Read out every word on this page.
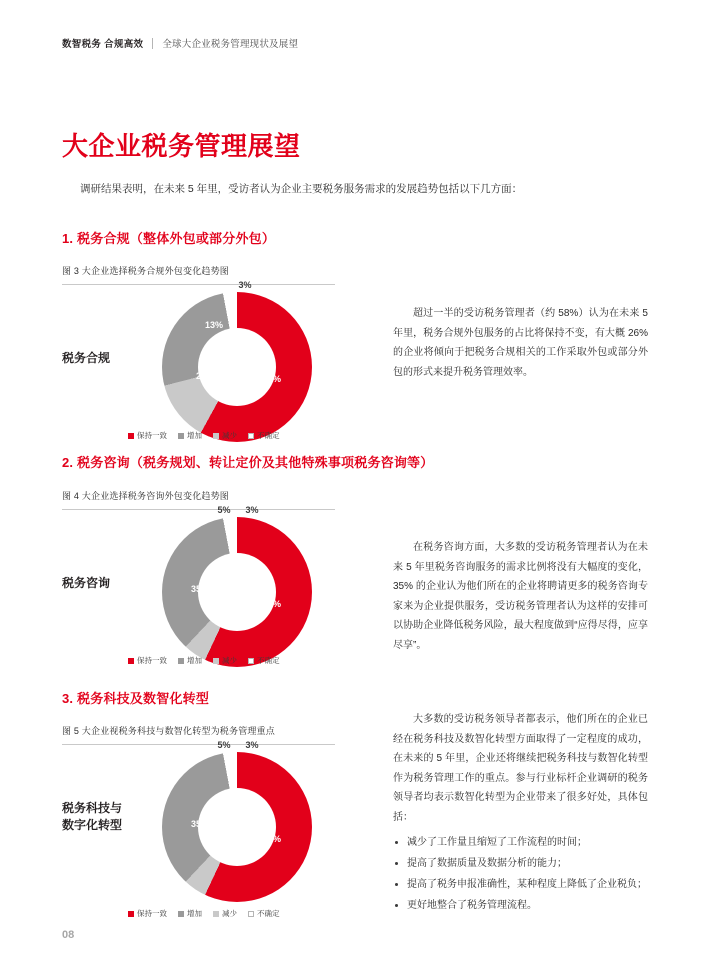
数智税务 合规高效 全球大企业税务管理现状及展望
大企业税务管理展望
调研结果表明，在未来 5 年里，受访者认为企业主要税务服务需求的发展趋势包括以下几方面：
1. 税务合规（整体外包或部分外包）
图 3 大企业选择税务合规外包变化趋势图
税务合规
58%
26%
13%
3%
保持一致	增加	减少	不确定

超过一半的受访税务管理者（约 58%）认为在未来 5 年里，税务合规外包服务的占比将保持不变，有大概 26% 的企业将倾向于把税务合规相关的工作采取外包或部分外包的形式来提升税务管理效率。

2. 税务咨询（税务规划、转让定价及其他特殊事项税务咨询等）
图 4 大企业选择税务咨询外包变化趋势图
税务咨询
57%
35%
5% 3%
保持一致	增加	减少	不确定

在税务咨询方面，大多数的受访税务管理者认为在未来 5 年里税务咨询服务的需求比例将没有大幅度的变化，35% 的企业认为他们所在的企业将聘请更多的税务咨询专家来为企业提供服务，受访税务管理者认为这样的安排可以协助企业降低税务风险，最大程度做到“应得尽得，应享尽享”。

3. 税务科技及数智化转型
图 5 大企业视税务科技与数智化转型为税务管理重点
税务科技与
数字化转型
57%
35%
5% 3%
保持一致	增加	减少	不确定

大多数的受访税务领导者都表示，他们所在的企业已经在税务科技及数智化转型方面取得了一定程度的成功，在未来的 5 年里，企业还将继续把税务科技与数智化转型作为税务管理工作的重点。参与行业标杆企业调研的税务领导者均表示数智化转型为企业带来了很多好处，具体包括：

减少了工作量且缩短了工作流程的时间；
提高了数据质量及数据分析的能力；
提高了税务申报准确性，某种程度上降低了企业税负；
更好地整合了税务管理流程。
08
